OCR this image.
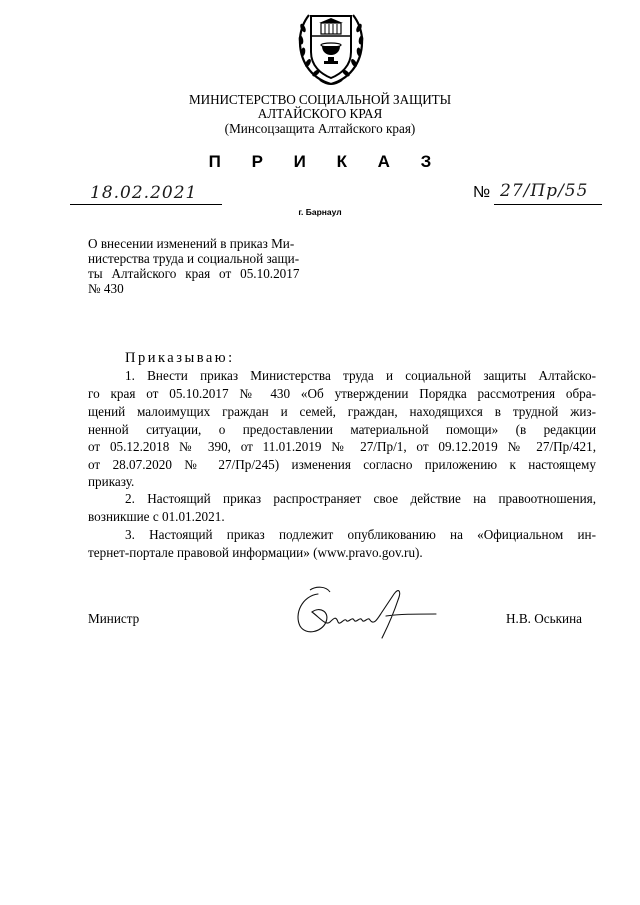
МИНИСТЕРСТВО СОЦИАЛЬНОЙ ЗАЩИТЫ
АЛТАЙСКОГО КРАЯ
(Минсоцзащита Алтайского края)
П Р И К А З
18.02.2021	№ 27/Пр/55
г. Барнаул
О внесении изменений в приказ Ми-
нистерства труда и социальной защи-
ты Алтайского края от 05.10.2017
№ 430
Приказываю:
1. Внести приказ Министерства труда и социальной защиты Алтайско-
го края от 05.10.2017 № 430 «Об утверждении Порядка рассмотрения обра-
щений малоимущих граждан и семей, граждан, находящихся в трудной жиз-
ненной ситуации, о предоставлении материальной помощи» (в редакции
от 05.12.2018 № 390, от 11.01.2019 № 27/Пр/1, от 09.12.2019 № 27/Пр/421,
от 28.07.2020 № 27/Пр/245) изменения согласно приложению к настоящему
приказу.
2. Настоящий приказ распространяет свое действие на правоотношения,
возникшие с 01.01.2021.
3. Настоящий приказ подлежит опубликованию на «Официальном ин-
тернет-портале правовой информации» (www.pravo.gov.ru).
Министр	Н.В. Оськина
